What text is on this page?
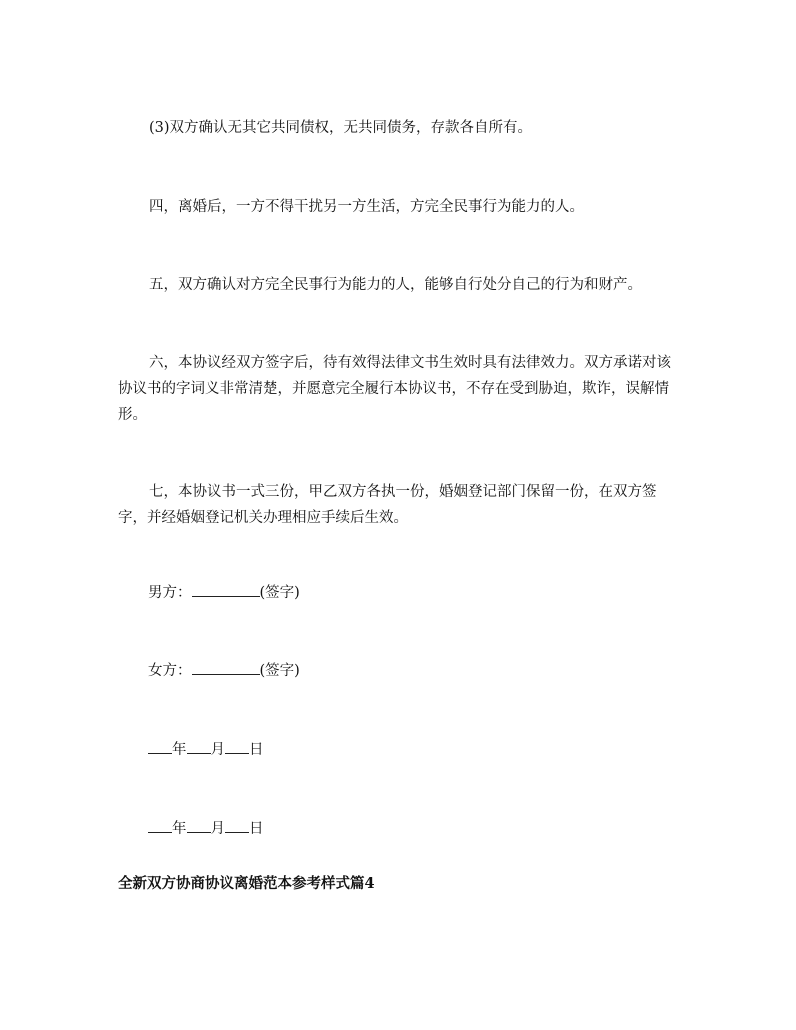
(3)双方确认无其它共同债权，无共同债务，存款各自所有。

四，离婚后，一方不得干扰另一方生活，方完全民事行为能力的人。

五，双方确认对方完全民事行为能力的人，能够自行处分自己的行为和财产。

六，本协议经双方签字后，待有效得法律文书生效时具有法律效力。双方承诺对该协议书的字词义非常清楚，并愿意完全履行本协议书，不存在受到胁迫，欺诈，误解情形。

七，本协议书一式三份，甲乙双方各执一份，婚姻登记部门保留一份，在双方签字，并经婚姻登记机关办理相应手续后生效。

男方：	(签字)

女方：	(签字)

年 月 日

年 月 日

全新双方协商协议离婚范本参考样式篇4
